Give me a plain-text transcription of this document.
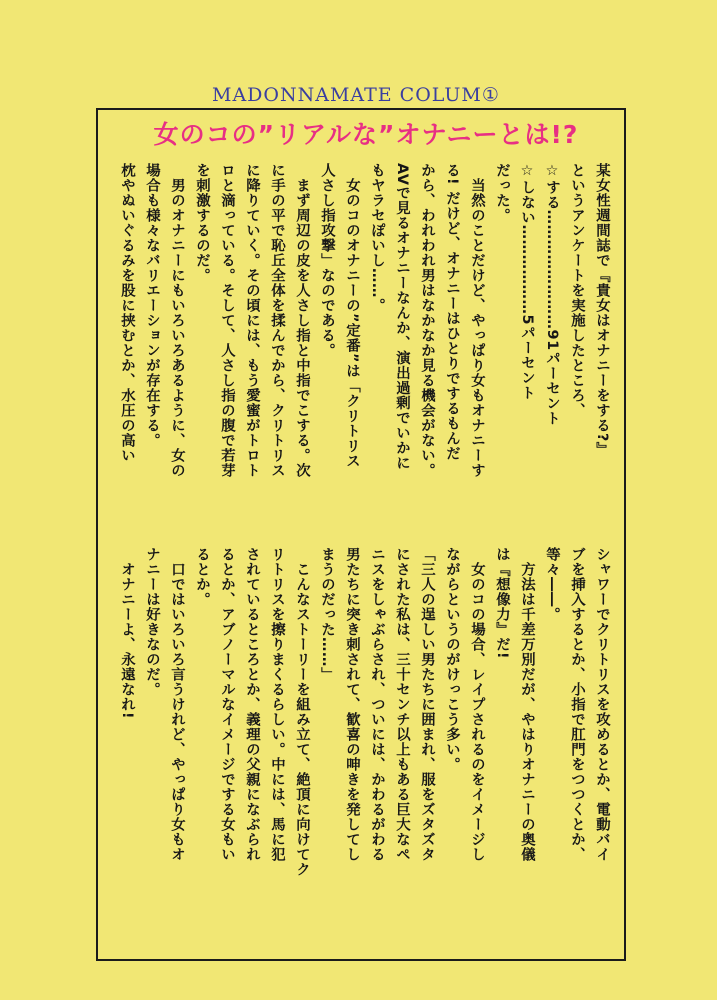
MADONNAMATE COLUM①
女のコの”リアルな”オナニーとは!?
某女性週間誌で『貴女はオナニーをする?』
というアンケートを実施したところ、
☆する……………………91パーセント
☆しない………………5パーセント
だった。
　当然のことだけど、やっぱり女もオナニーす
る! だけど、オナニーはひとりでするもんだ
から、われわれ男はなかなか見る機会がない。
AVで見るオナニーなんか、演出過剰でいかに
もヤラセぽいし……。
　女のコのオナニーの”定番”は「クリトリス
人さし指攻撃」なのである。
　まず周辺の皮を人さし指と中指でこする。次
に手の平で恥丘全体を揉んでから、クリトリス
に降りていく。その頃には、もう愛蜜がトロト
ロと滴っている。そして、人さし指の腹で若芽
を刺激するのだ。
　男のオナニーにもいろいろあるように、女の
場合も様々なバリエーションが存在する。
枕やぬいぐるみを股に挟むとか、水圧の高い
シャワーでクリトリスを攻めるとか、電動バイ
ブを挿入するとか、小指で肛門をつつくとか、
等々――。
　方法は千差万別だが、やはりオナニーの奥儀
は『想像力』だ!
　女のコの場合、レイプされるのをイメージし
ながらというのがけっこう多い。
「三人の逞しい男たちに囲まれ、服をズタズタ
にされた私は、三十センチ以上もある巨大なペ
ニスをしゃぶらされ、ついには、かわるがわる
男たちに突き刺されて、歓喜の呻きを発してし
まうのだった……」
　こんなストーリーを組み立て、絶頂に向けてク
リトリスを擦りまくるらしい。中には、馬に犯
されているところとか、義理の父親になぶられ
るとか、アブノーマルなイメージでする女もい
るとか。
　口ではいろいろ言うけれど、やっぱり女もオ
ナニーは好きなのだ。
　オナニーよ、永遠なれ!
